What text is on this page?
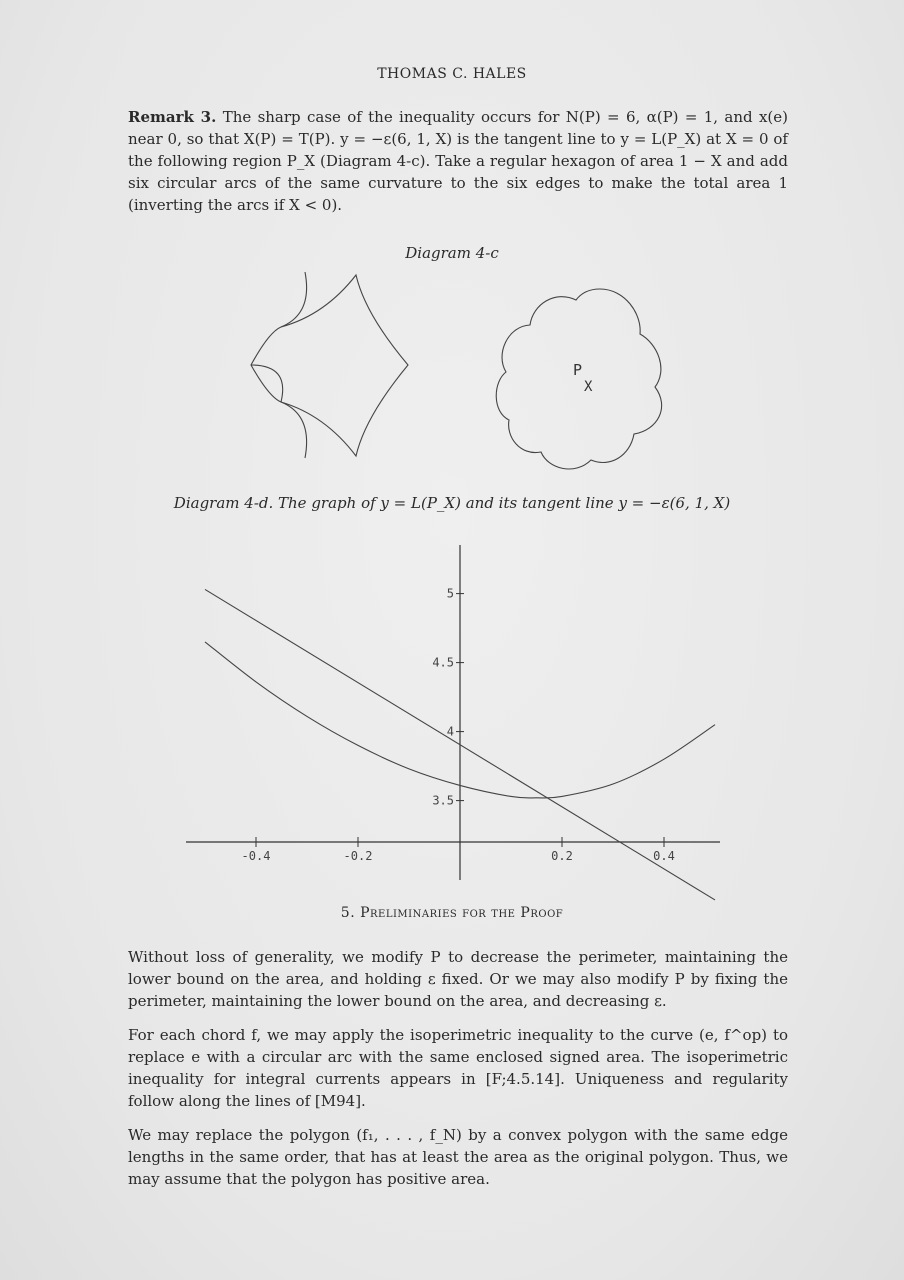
THOMAS C. HALES

Remark 3. The sharp case of the inequality occurs for N(P) = 6, α(P) = 1, and x(e) near 0, so that X(P) = T(P). y = −ε(6, 1, X) is the tangent line to y = L(P_X) at X = 0 of the following region P_X (Diagram 4-c). Take a regular hexagon of area 1 − X and add six circular arcs of the same curvature to the six edges to make the total area 1 (inverting the arcs if X < 0).

Diagram 4-c
P
X
Diagram 4-d. The graph of y = L(P_X) and its tangent line y = −ε(6, 1, X)
-0.4	-0.2	0.2	0.4
5
4.5
4
3.5
5. Preliminaries for the Proof

Without loss of generality, we modify P to decrease the perimeter, maintaining the lower bound on the area, and holding ε fixed. Or we may also modify P by fixing the perimeter, maintaining the lower bound on the area, and decreasing ε.

For each chord f, we may apply the isoperimetric inequality to the curve (e, f^op) to replace e with a circular arc with the same enclosed signed area. The isoperimetric inequality for integral currents appears in [F;4.5.14]. Uniqueness and regularity follow along the lines of [M94].

We may replace the polygon (f₁, . . . , f_N) by a convex polygon with the same edge lengths in the same order, that has at least the area as the original polygon. Thus, we may assume that the polygon has positive area.
